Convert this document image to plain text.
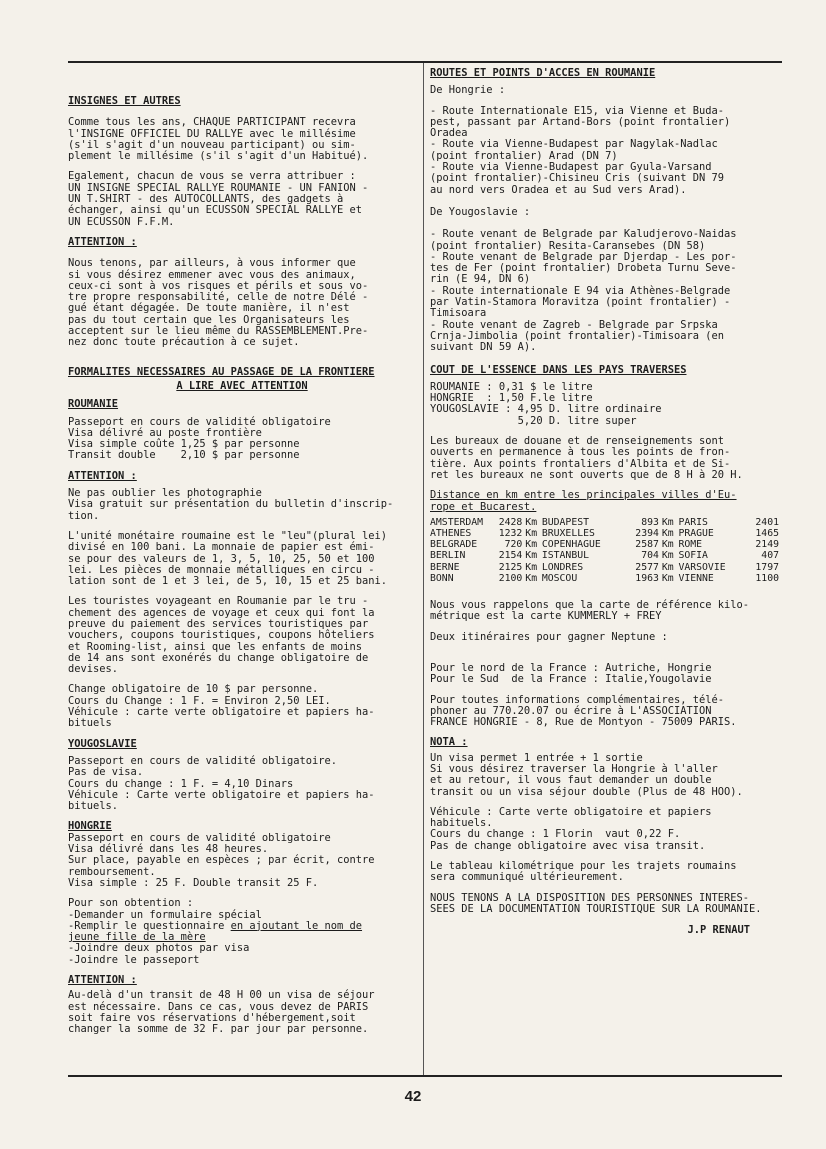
INSIGNES ET AUTRES
Comme tous les ans, CHAQUE PARTICIPANT recevra
l'INSIGNE OFFICIEL DU RALLYE avec le millésime
(s'il s'agit d'un nouveau participant) ou sim-
plement le millésime (s'il s'agit d'un Habitué).
Egalement, chacun de vous se verra attribuer :
UN INSIGNE SPECIAL RALLYE ROUMANIE - UN FANION -
UN T.SHIRT - des AUTOCOLLANTS, des gadgets à
échanger, ainsi qu'un ECUSSON SPECIAL RALLYE et
UN ECUSSON F.F.M.
ATTENTION :
Nous tenons, par ailleurs, à vous informer que
si vous désirez emmener avec vous des animaux,
ceux-ci sont à vos risques et périls et sous vo-
tre propre responsabilité, celle de notre Délé -
gué étant dégagée. De toute manière, il n'est
pas du tout certain que les Organisateurs les
acceptent sur le lieu même du RASSEMBLEMENT.Pre-
nez donc toute précaution à ce sujet.
FORMALITES NECESSAIRES AU PASSAGE DE LA FRONTIERE
A LIRE AVEC ATTENTION
ROUMANIE
Passeport en cours de validité obligatoire
Visa délivré au poste frontière
Visa simple coûte 1,25 $ par personne
Transit double    2,10 $ par personne
ATTENTION :
Ne pas oublier les photographie
Visa gratuit sur présentation du bulletin d'inscrip-
tion.
L'unité monétaire roumaine est le "leu"(plural lei)
divisé en 100 bani. La monnaie de papier est émi-
se pour des valeurs de 1, 3, 5, 10, 25, 50 et 100
lei. Les pièces de monnaie métalliques en circu -
lation sont de 1 et 3 lei, de 5, 10, 15 et 25 bani.
Les touristes voyageant en Roumanie par le tru -
chement des agences de voyage et ceux qui font la
preuve du paiement des services touristiques par
vouchers, coupons touristiques, coupons hôteliers
et Rooming-list, ainsi que les enfants de moins
de 14 ans sont exonérés du change obligatoire de
devises.
Change obligatoire de 10 $ par personne.
Cours du Change : 1 F. = Environ 2,50 LEI.
Véhicule : carte verte obligatoire et papiers ha-
bituels
YOUGOSLAVIE
Passeport en cours de validité obligatoire.
Pas de visa.
Cours du change : 1 F. = 4,10 Dinars
Véhicule : Carte verte obligatoire et papiers ha-
bituels.
HONGRIE
Passeport en cours de validité obligatoire
Visa délivré dans les 48 heures.
Sur place, payable en espèces ; par écrit, contre
remboursement.
Visa simple : 25 F. Double transit 25 F.
Pour son obtention :
-Demander un formulaire spécial
-Remplir le questionnaire en ajoutant le nom de
jeune fille de la mère
-Joindre deux photos par visa
-Joindre le passeport
ATTENTION :
Au-delà d'un transit de 48 H 00 un visa de séjour
est nécessaire. Dans ce cas, vous devez de PARIS
soit faire vos réservations d'hébergement,soit
changer la somme de 32 F. par jour par personne.
ROUTES ET POINTS D'ACCES EN ROUMANIE
De Hongrie :
- Route Internationale E15, via Vienne et Buda-
pest, passant par Artand-Bors (point frontalier)
Oradea
- Route via Vienne-Budapest par Nagylak-Nadlac
(point frontalier) Arad (DN 7)
- Route via Vienne-Budapest par Gyula-Varsand
(point frontalier)-Chisineu Cris (suivant DN 79
au nord vers Oradea et au Sud vers Arad).
De Yougoslavie :
- Route venant de Belgrade par Kaludjerovo-Naidas
(point frontalier) Resita-Caransebes (DN 58)
- Route venant de Belgrade par Djerdap - Les por-
tes de Fer (point frontalier) Drobeta Turnu Seve-
rin (E 94, DN 6)
- Route internationale E 94 via Athènes-Belgrade
par Vatin-Stamora Moravitza (point frontalier) -
Timisoara
- Route venant de Zagreb - Belgrade par Srpska
Crnja-Jimbolia (point frontalier)-Timisoara (en
suivant DN 59 A).
COUT DE L'ESSENCE DANS LES PAYS TRAVERSES
ROUMANIE : 0,31 $ le litre
HONGRIE  : 1,50 F.le litre
YOUGOSLAVIE : 4,95 D. litre ordinaire
5,20 D. litre super
Les bureaux de douane et de renseignements sont
ouverts en permanence à tous les points de fron-
tière. Aux points frontaliers d'Albita et de Si-
ret les bureaux ne sont ouverts que de 8 H à 20 H.
Distance en km entre les principales villes d'Eu-
rope et Bucarest.
AMSTERDAM	2428	Km	BUDAPEST	893	Km	PARIS	2401
ATHENES	1232	Km	BRUXELLES	2394	Km	PRAGUE	1465
BELGRADE	720	Km	COPENHAGUE	2587	Km	ROME	2149
BERLIN	2154	Km	ISTANBUL	704	Km	SOFIA	407
BERNE	2125	Km	LONDRES	2577	Km	VARSOVIE	1797
BONN	2100	Km	MOSCOU	1963	Km	VIENNE	1100
Nous vous rappelons que la carte de référence kilo-
métrique est la carte KUMMERLY + FREY
Deux itinéraires pour gagner Neptune :
Pour le nord de la France : Autriche, Hongrie
Pour le Sud  de la France : Italie,Yougolavie
Pour toutes informations complémentaires, télé-
phoner au 770.20.07 ou écrire à L'ASSOCIATION
FRANCE HONGRIE - 8, Rue de Montyon - 75009 PARIS.
NOTA :
Un visa permet 1 entrée + 1 sortie
Si vous désirez traverser la Hongrie à l'aller
et au retour, il vous faut demander un double
transit ou un visa séjour double (Plus de 48 HOO).
Véhicule : Carte verte obligatoire et papiers
habituels.
Cours du change : 1 Florin  vaut 0,22 F.
Pas de change obligatoire avec visa transit.
Le tableau kilométrique pour les trajets roumains
sera communiqué ultérieurement.
NOUS TENONS A LA DISPOSITION DES PERSONNES INTERES-
SEES DE LA DOCUMENTATION TOURISTIQUE SUR LA ROUMANIE.
J.P RENAUT
42
